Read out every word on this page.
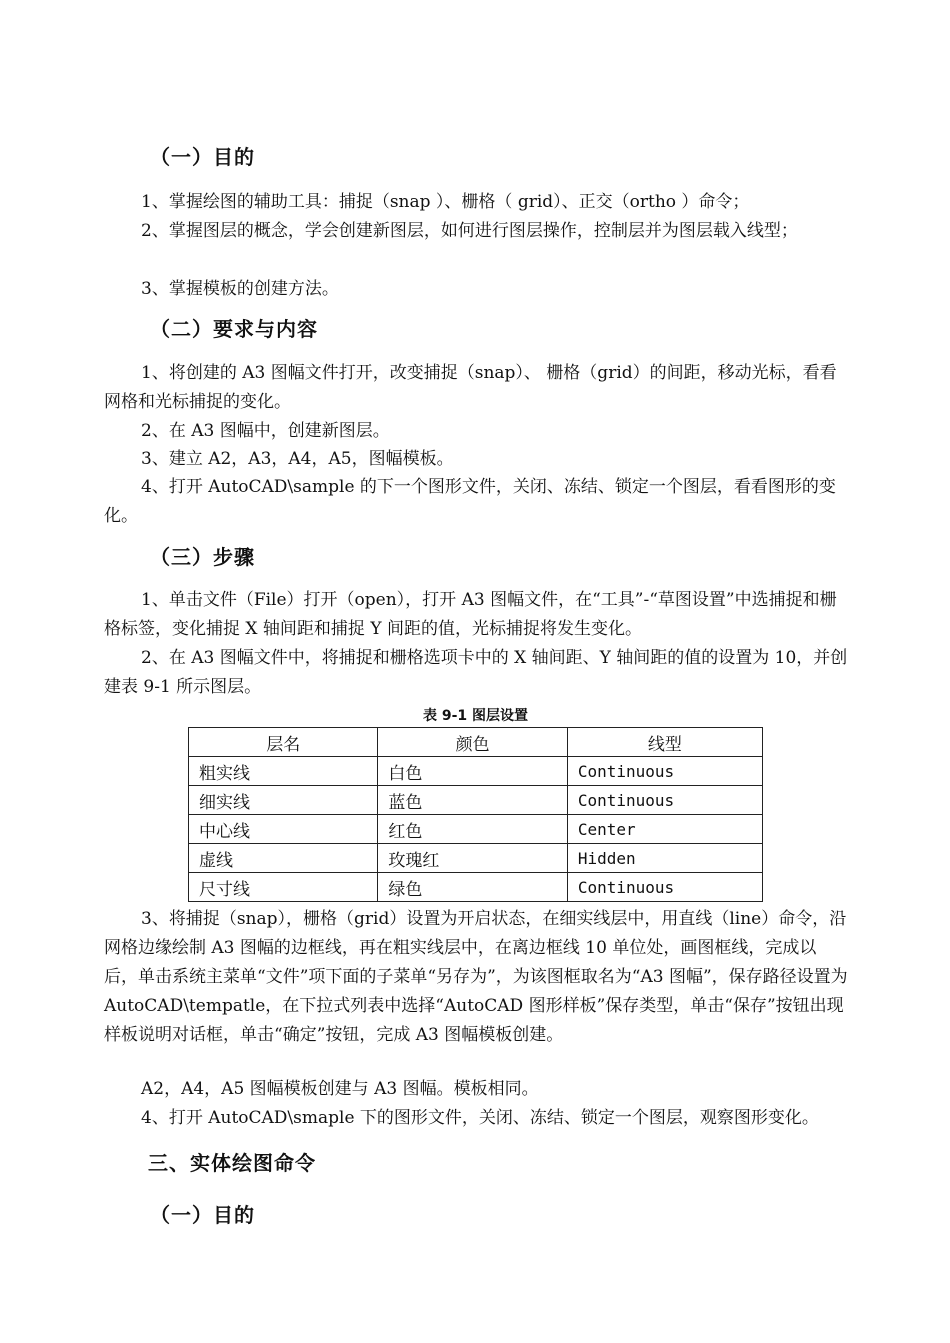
（一）目的
1、掌握绘图的辅助工具：捕捉（snap ）、栅格（ grid）、正交（ortho ）命令；
2、掌握图层的概念，学会创建新图层，如何进行图层操作，控制层并为图层载入线型；
3、掌握模板的创建方法。
（二）要求与内容
1、将创建的 A3 图幅文件打开，改变捕捉（snap）、 栅格（grid）的间距，移动光标，看看网格和光标捕捉的变化。
2、在 A3 图幅中，创建新图层。
3、建立 A2，A3，A4，A5，图幅模板。
4、打开 AutoCAD\sample 的下一个图形文件，关闭、冻结、锁定一个图层，看看图形的变化。
（三）步骤
1、单击文件（File）打开（open），打开 A3 图幅文件，在“工具”-“草图设置”中选捕捉和栅格标签，变化捕捉 X 轴间距和捕捉 Y 间距的值，光标捕捉将发生变化。
2、在 A3 图幅文件中，将捕捉和栅格选项卡中的 X 轴间距、Y 轴间距的值的设置为 10，并创建表 9-1 所示图层。
表 9-1 图层设置
层名	颜色	线型
粗实线	白色	Continuous
细实线	蓝色	Continuous
中心线	红色	Center
虚线	玫瑰红	Hidden
尺寸线	绿色	Continuous
3、将捕捉（snap），栅格（grid）设置为开启状态，在细实线层中，用直线（line）命令，沿网格边缘绘制 A3 图幅的边框线，再在粗实线层中，在离边框线 10 单位处，画图框线，完成以后，单击系统主菜单“文件”项下面的子菜单“另存为”，为该图框取名为“A3 图幅”，保存路径设置为 AutoCAD\tempatle，在下拉式列表中选择“AutoCAD 图形样板”保存类型，单击“保存”按钮出现样板说明对话框，单击“确定”按钮，完成 A3 图幅模板创建。
A2，A4，A5 图幅模板创建与 A3 图幅。模板相同。
4、打开 AutoCAD\smaple 下的图形文件，关闭、冻结、锁定一个图层，观察图形变化。
三、实体绘图命令
（一）目的
